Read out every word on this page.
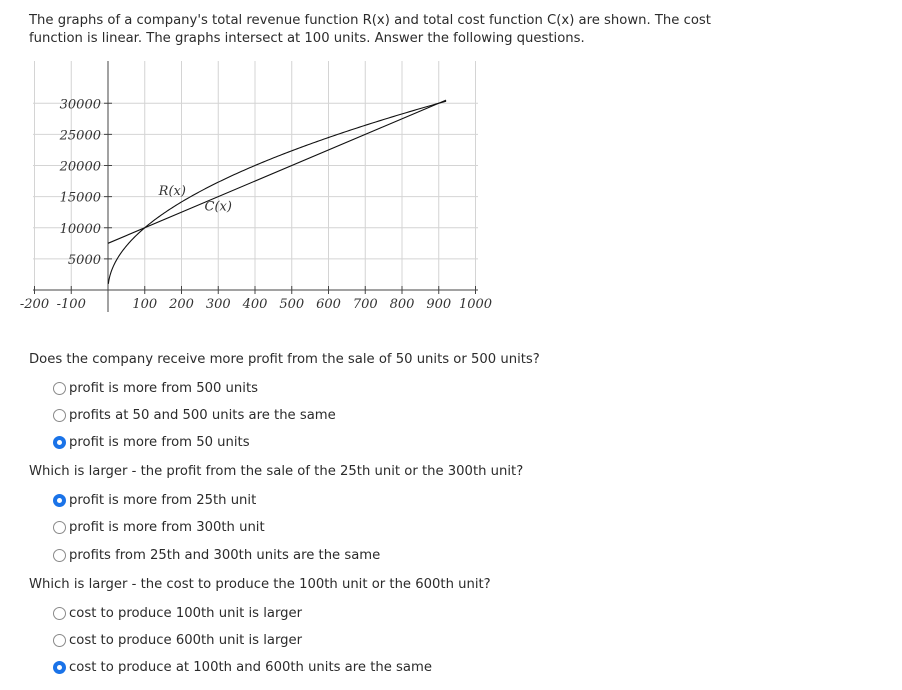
The graphs of a company's total revenue function R(x) and total cost function C(x) are shown. The cost
function is linear. The graphs intersect at 100 units. Answer the following questions.
-200 -100	100 200 300 400 500 600 700 800 900 1000
30000
25000
20000
15000
10000
5000
R(x)
C(x)
Does the company receive more profit from the sale of 50 units or 500 units?
profit is more from 500 units
profits at 50 and 500 units are the same
profit is more from 50 units
Which is larger - the profit from the sale of the 25th unit or the 300th unit?
profit is more from 25th unit
profit is more from 300th unit
profits from 25th and 300th units are the same
Which is larger - the cost to produce the 100th unit or the 600th unit?
cost to produce 100th unit is larger
cost to produce 600th unit is larger
cost to produce at 100th and 600th units are the same
